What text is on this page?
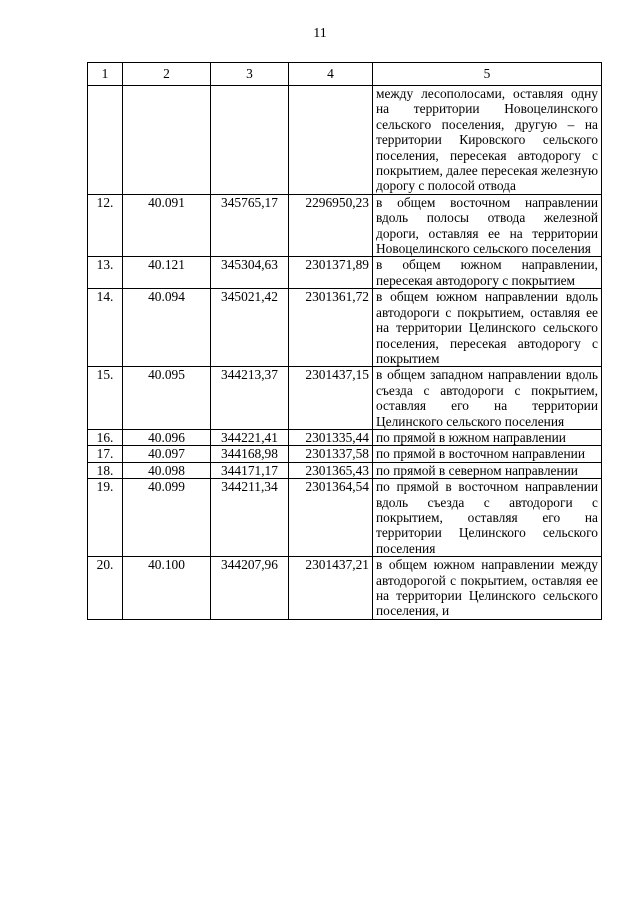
11
1	2	3	4	5
				между лесополосами, оставляя одну на территории Новоцелинского сельского поселения, другую – на территории Кировского сельского поселения, пересекая автодорогу с покрытием, далее пересекая железную дорогу с полосой отвода
12.	40.091	345765,17	2296950,23	в общем восточном направлении вдоль полосы отвода железной дороги, оставляя ее на территории Новоцелинского сельского поселения
13.	40.121	345304,63	2301371,89	в общем южном направлении, пересекая автодорогу с покрытием
14.	40.094	345021,42	2301361,72	в общем южном направлении вдоль автодороги с покрытием, оставляя ее на территории Целинского сельского поселения, пересекая автодорогу с покрытием
15.	40.095	344213,37	2301437,15	в общем западном направлении вдоль съезда с автодороги с покрытием, оставляя его на территории Целинского сельского поселения
16.	40.096	344221,41	2301335,44	по прямой в южном направлении
17.	40.097	344168,98	2301337,58	по прямой в восточном направлении
18.	40.098	344171,17	2301365,43	по прямой в северном направлении
19.	40.099	344211,34	2301364,54	по прямой в восточном направлении вдоль съезда с автодороги с покрытием, оставляя его на территории Целинского сельского поселения
20.	40.100	344207,96	2301437,21	в общем южном направлении между автодорогой с покрытием, оставляя ее на территории Целинского сельского поселения, и
